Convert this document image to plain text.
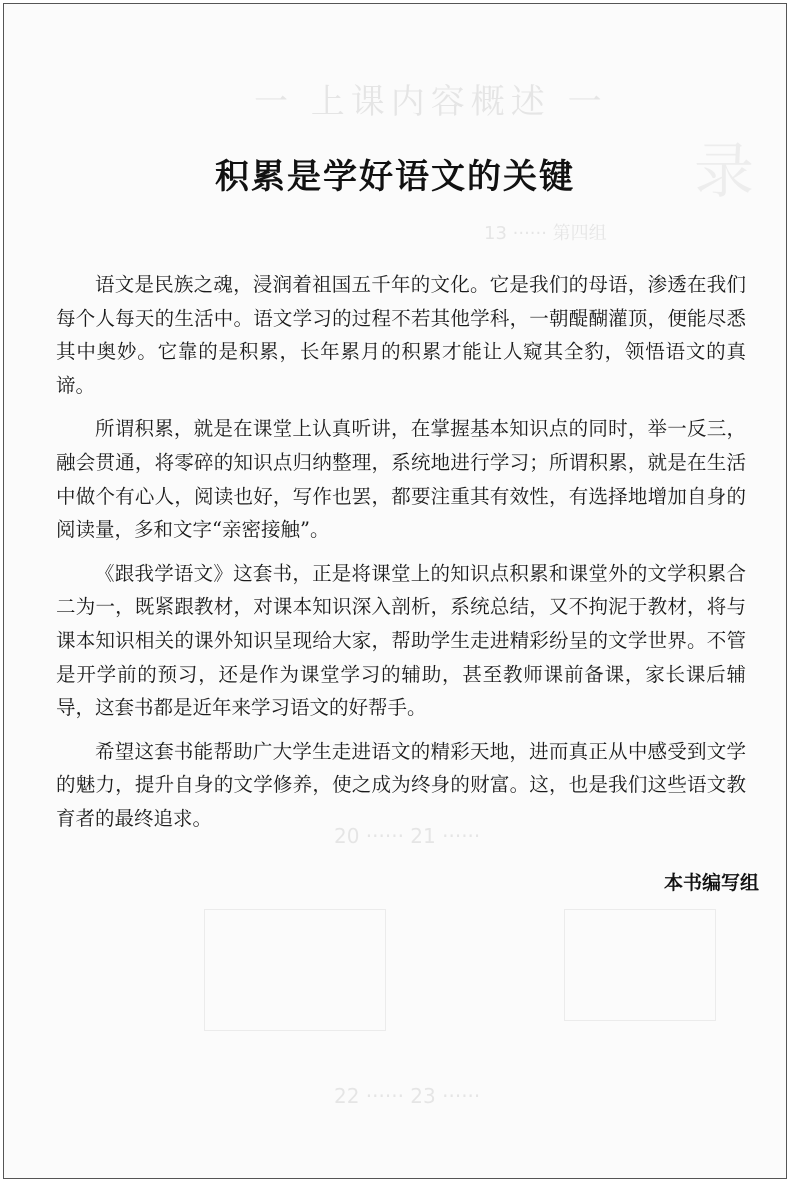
一 上课内容概述 一
录
13 ······ 第四组
20 ······ 21 ······
22 ······ 23 ······
积累是学好语文的关键

语文是民族之魂，浸润着祖国五千年的文化。它是我们的母语，渗透在我们每个人每天的生活中。语文学习的过程不若其他学科，一朝醍醐灌顶，便能尽悉其中奥妙。它靠的是积累，长年累月的积累才能让人窥其全豹，领悟语文的真谛。

所谓积累，就是在课堂上认真听讲，在掌握基本知识点的同时，举一反三，融会贯通，将零碎的知识点归纳整理，系统地进行学习；所谓积累，就是在生活中做个有心人，阅读也好，写作也罢，都要注重其有效性，有选择地增加自身的阅读量，多和文字“亲密接触”。

《跟我学语文》这套书，正是将课堂上的知识点积累和课堂外的文学积累合二为一，既紧跟教材，对课本知识深入剖析，系统总结，又不拘泥于教材，将与课本知识相关的课外知识呈现给大家，帮助学生走进精彩纷呈的文学世界。不管是开学前的预习，还是作为课堂学习的辅助，甚至教师课前备课，家长课后辅导，这套书都是近年来学习语文的好帮手。

希望这套书能帮助广大学生走进语文的精彩天地，进而真正从中感受到文学的魅力，提升自身的文学修养，使之成为终身的财富。这，也是我们这些语文教育者的最终追求。

本书编写组
